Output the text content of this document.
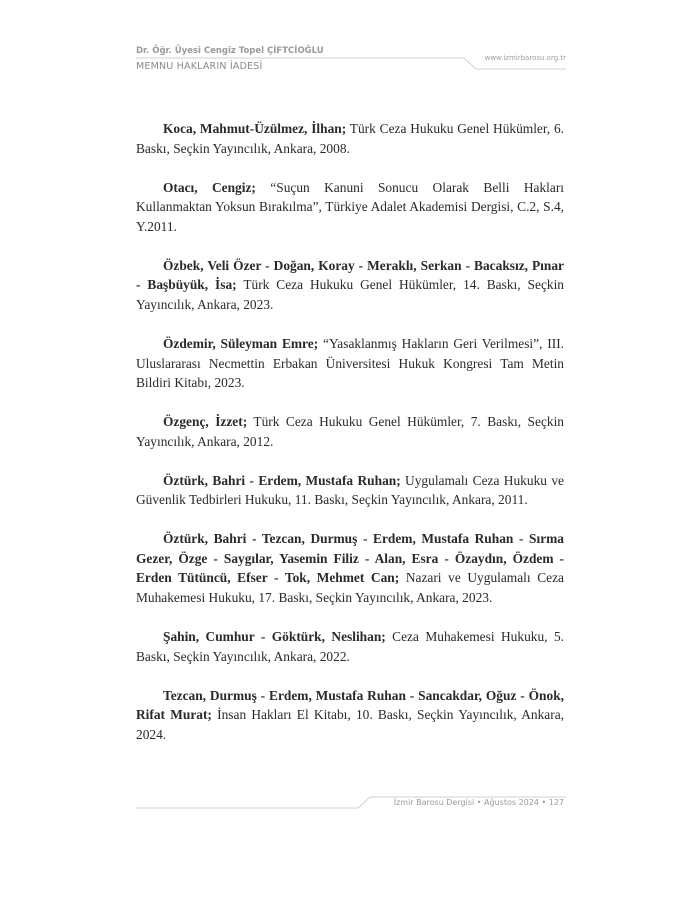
Dr. Öğr. Üyesi Cengiz Topel ÇİFTCİOĞLU
MEMNU HAKLARIN İADESİ
www.izmirbarosu.org.tr

Koca, Mahmut-Üzülmez, İlhan; Türk Ceza Hukuku Genel Hükümler, 6. Baskı, Seçkin Yayıncılık, Ankara, 2008.

Otacı, Cengiz; “Suçun Kanuni Sonucu Olarak Belli Hakları Kullanmaktan Yoksun Bırakılma”, Türkiye Adalet Akademisi Dergisi, C.2, S.4, Y.2011.

Özbek, Veli Özer - Doğan, Koray - Meraklı, Serkan - Bacaksız, Pınar - Başbüyük, İsa; Türk Ceza Hukuku Genel Hükümler, 14. Baskı, Seçkin Yayıncılık, Ankara, 2023.

Özdemir, Süleyman Emre; “Yasaklanmış Hakların Geri Verilmesi”, III. Uluslararası Necmettin Erbakan Üniversitesi Hukuk Kongresi Tam Metin Bildiri Kitabı, 2023.

Özgenç, İzzet; Türk Ceza Hukuku Genel Hükümler, 7. Baskı, Seçkin Yayıncılık, Ankara, 2012.

Öztürk, Bahri - Erdem, Mustafa Ruhan; Uygulamalı Ceza Hukuku ve Güvenlik Tedbirleri Hukuku, 11. Baskı, Seçkin Yayıncılık, Ankara, 2011.

Öztürk, Bahri - Tezcan, Durmuş - Erdem, Mustafa Ruhan - Sırma Gezer, Özge - Saygılar, Yasemin Filiz - Alan, Esra - Özaydın, Özdem - Erden Tütüncü, Efser - Tok, Mehmet Can; Nazari ve Uygulamalı Ceza Muhakemesi Hukuku, 17. Baskı, Seçkin Yayıncılık, Ankara, 2023.

Şahin, Cumhur - Göktürk, Neslihan; Ceza Muhakemesi Hukuku, 5. Baskı, Seçkin Yayıncılık, Ankara, 2022.

Tezcan, Durmuş - Erdem, Mustafa Ruhan - Sancakdar, Oğuz - Önok, Rifat Murat; İnsan Hakları El Kitabı, 10. Baskı, Seçkin Yayıncılık, Ankara, 2024.

İzmir Barosu Dergisi • Ağustos 2024 • 127
